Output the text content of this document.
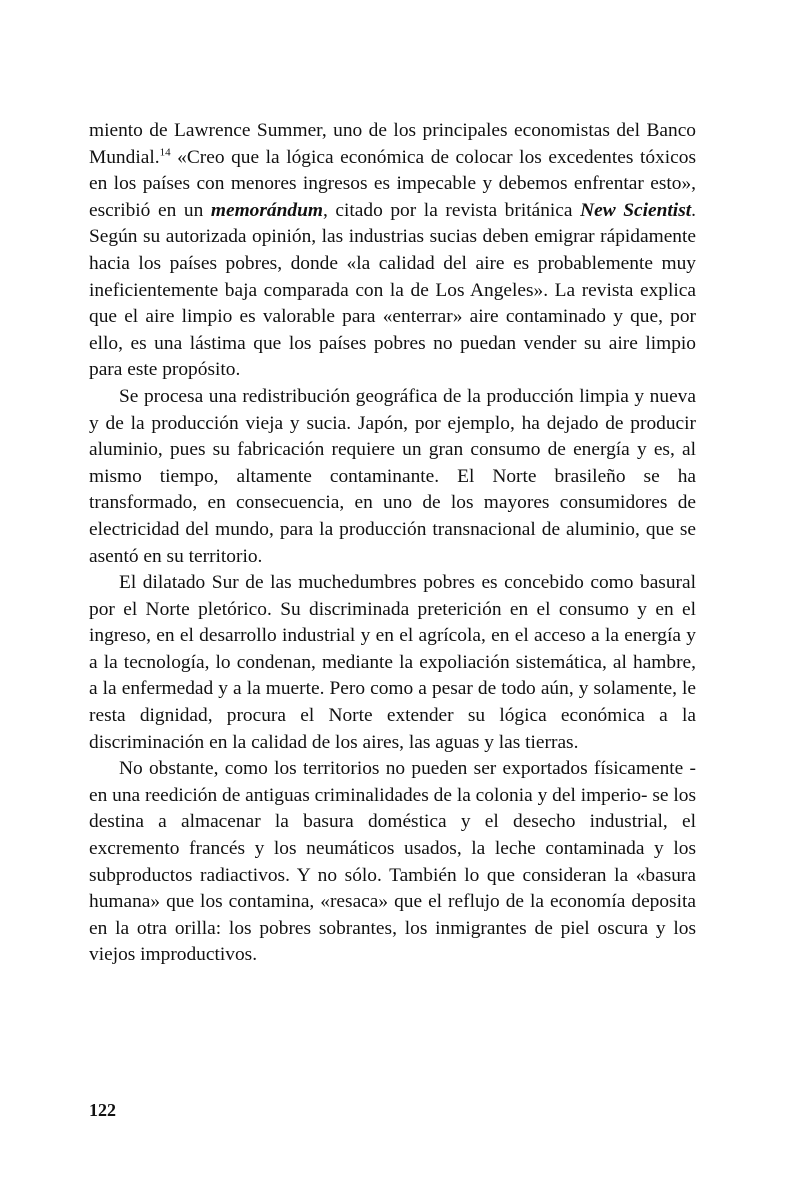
miento de Lawrence Summer, uno de los principales economistas del Banco Mundial.$^{14}$ «Creo que la lógica económica de colocar los excedentes tóxicos en los países con menores ingresos es impecable y debemos enfrentar esto», escribió en un memorándum, citado por la revista británica New Scientist. Según su autorizada opinión, las industrias sucias deben emigrar rápidamente hacia los países pobres, donde «la calidad del aire es probablemente muy ineficientemente baja comparada con la de Los Angeles». La revista explica que el aire limpio es valorable para «enterrar» aire contaminado y que, por ello, es una lástima que los países pobres no puedan vender su aire limpio para este propósito.

Se procesa una redistribución geográfica de la producción limpia y nueva y de la producción vieja y sucia. Japón, por ejemplo, ha dejado de producir aluminio, pues su fabricación requiere un gran consumo de energía y es, al mismo tiempo, altamente contaminante. El Norte brasileño se ha transformado, en consecuencia, en uno de los mayores consumidores de electricidad del mundo, para la producción transnacional de aluminio, que se asentó en su territorio.

El dilatado Sur de las muchedumbres pobres es concebido como basural por el Norte pletórico. Su discriminada preterición en el consumo y en el ingreso, en el desarrollo industrial y en el agrícola, en el acceso a la energía y a la tecnología, lo condenan, mediante la expoliación sistemática, al hambre, a la enfermedad y a la muerte. Pero como a pesar de todo aún, y solamente, le resta dignidad, procura el Norte extender su lógica económica a la discriminación en la calidad de los aires, las aguas y las tierras.

No obstante, como los territorios no pueden ser exportados físicamente -en una reedición de antiguas criminalidades de la colonia y del imperio- se los destina a almacenar la basura doméstica y el desecho industrial, el excremento francés y los neumáticos usados, la leche contaminada y los subproductos radiactivos. Y no sólo. También lo que consideran la «basura humana» que los contamina, «resaca» que el reflujo de la economía deposita en la otra orilla: los pobres sobrantes, los inmigrantes de piel oscura y los viejos improductivos.

122
